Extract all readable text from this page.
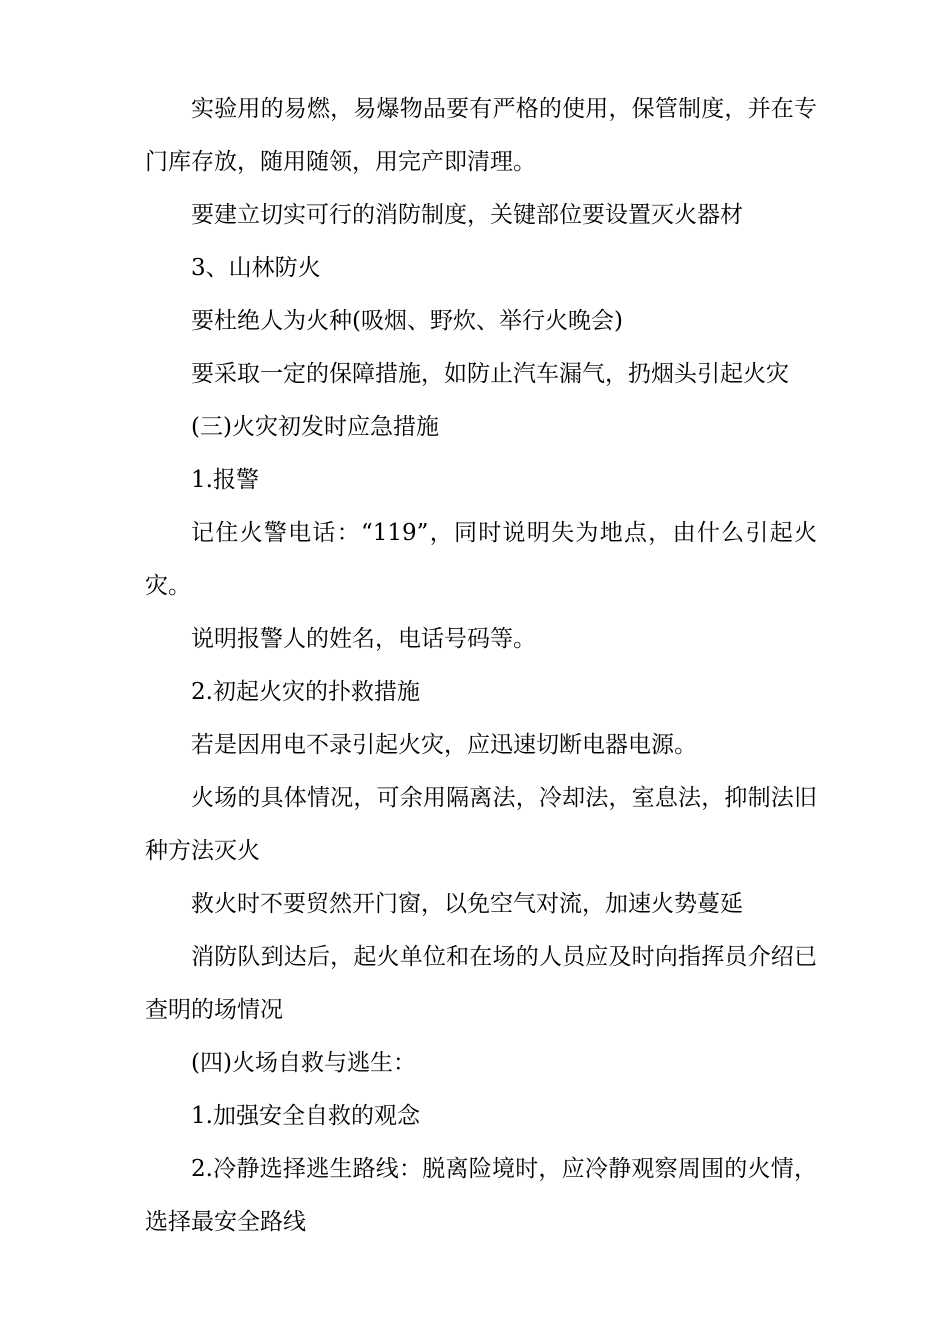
实验用的易燃，易爆物品要有严格的使用，保管制度，并在专门库存放，随用随领，用完产即清理。

要建立切实可行的消防制度，关键部位要设置灭火器材

3、山林防火

要杜绝人为火种(吸烟、野炊、举行火晚会)

要采取一定的保障措施，如防止汽车漏气，扔烟头引起火灾

(三)火灾初发时应急措施

1.报警

记住火警电话：“119”，同时说明失为地点，由什么引起火灾。

说明报警人的姓名，电话号码等。

2.初起火灾的扑救措施

若是因用电不录引起火灾，应迅速切断电器电源。

火场的具体情况，可余用隔离法，冷却法，室息法，抑制法旧种方法灭火

救火时不要贸然开门窗，以免空气对流，加速火势蔓延

消防队到达后，起火单位和在场的人员应及时向指挥员介绍已查明的场情况

(四)火场自救与逃生：

1.加强安全自救的观念

2.冷静选择逃生路线：脱离险境时，应冷静观察周围的火情，选择最安全路线
